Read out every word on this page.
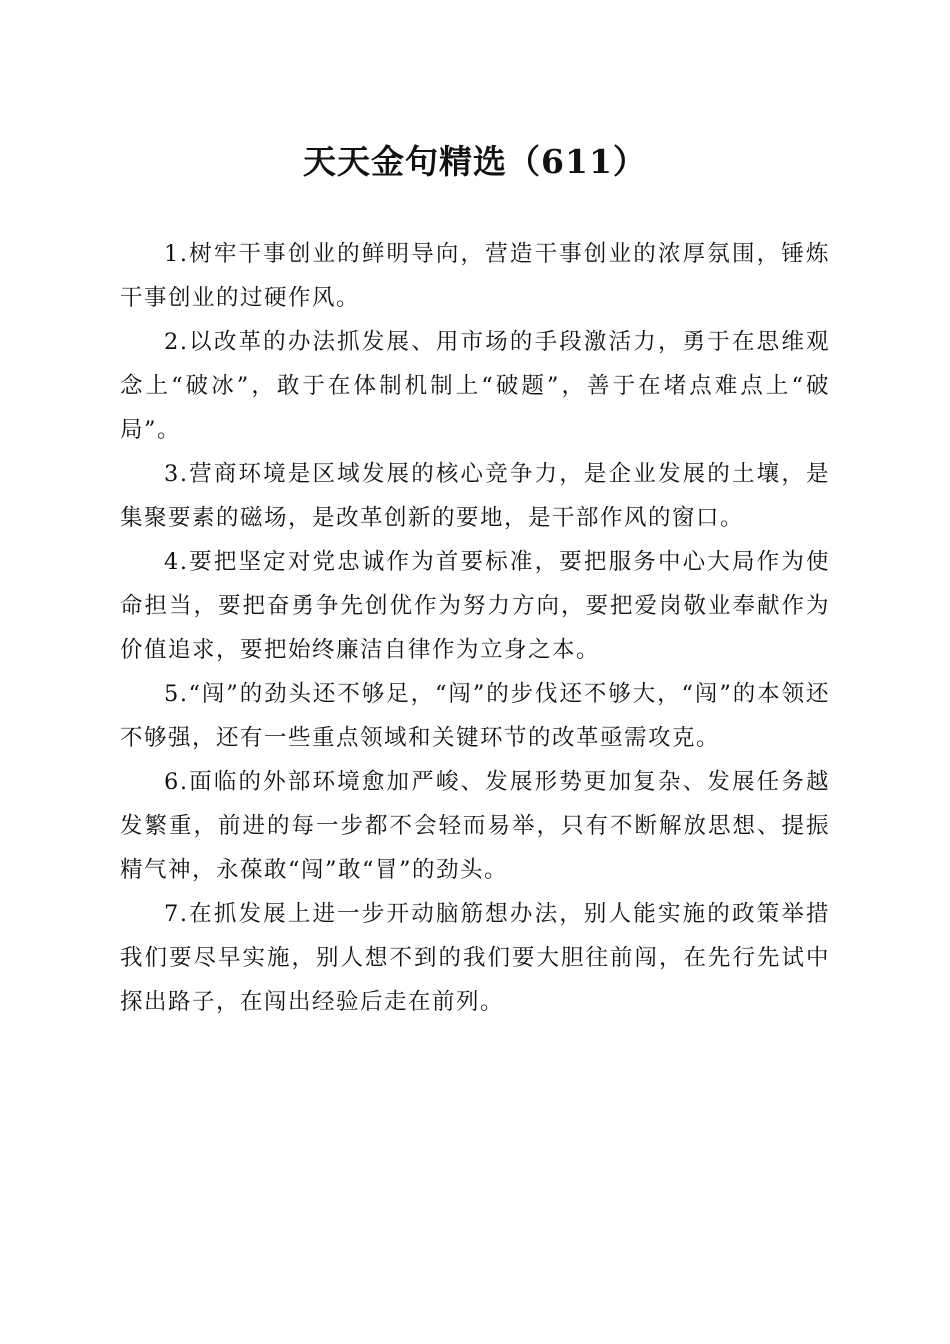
天天金句精选（611）

1.树牢干事创业的鲜明导向，营造干事创业的浓厚氛围，锤炼干事创业的过硬作风。

2.以改革的办法抓发展、用市场的手段激活力，勇于在思维观念上“破冰”，敢于在体制机制上“破题”，善于在堵点难点上“破局”。

3.营商环境是区域发展的核心竞争力，是企业发展的土壤，是集聚要素的磁场，是改革创新的要地，是干部作风的窗口。

4.要把坚定对党忠诚作为首要标准，要把服务中心大局作为使命担当，要把奋勇争先创优作为努力方向，要把爱岗敬业奉献作为价值追求，要把始终廉洁自律作为立身之本。

5.“闯”的劲头还不够足，“闯”的步伐还不够大，“闯”的本领还不够强，还有一些重点领域和关键环节的改革亟需攻克。

6.面临的外部环境愈加严峻、发展形势更加复杂、发展任务越发繁重，前进的每一步都不会轻而易举，只有不断解放思想、提振精气神，永葆敢“闯”敢“冒”的劲头。

7.在抓发展上进一步开动脑筋想办法，别人能实施的政策举措我们要尽早实施，别人想不到的我们要大胆往前闯，在先行先试中探出路子，在闯出经验后走在前列。
